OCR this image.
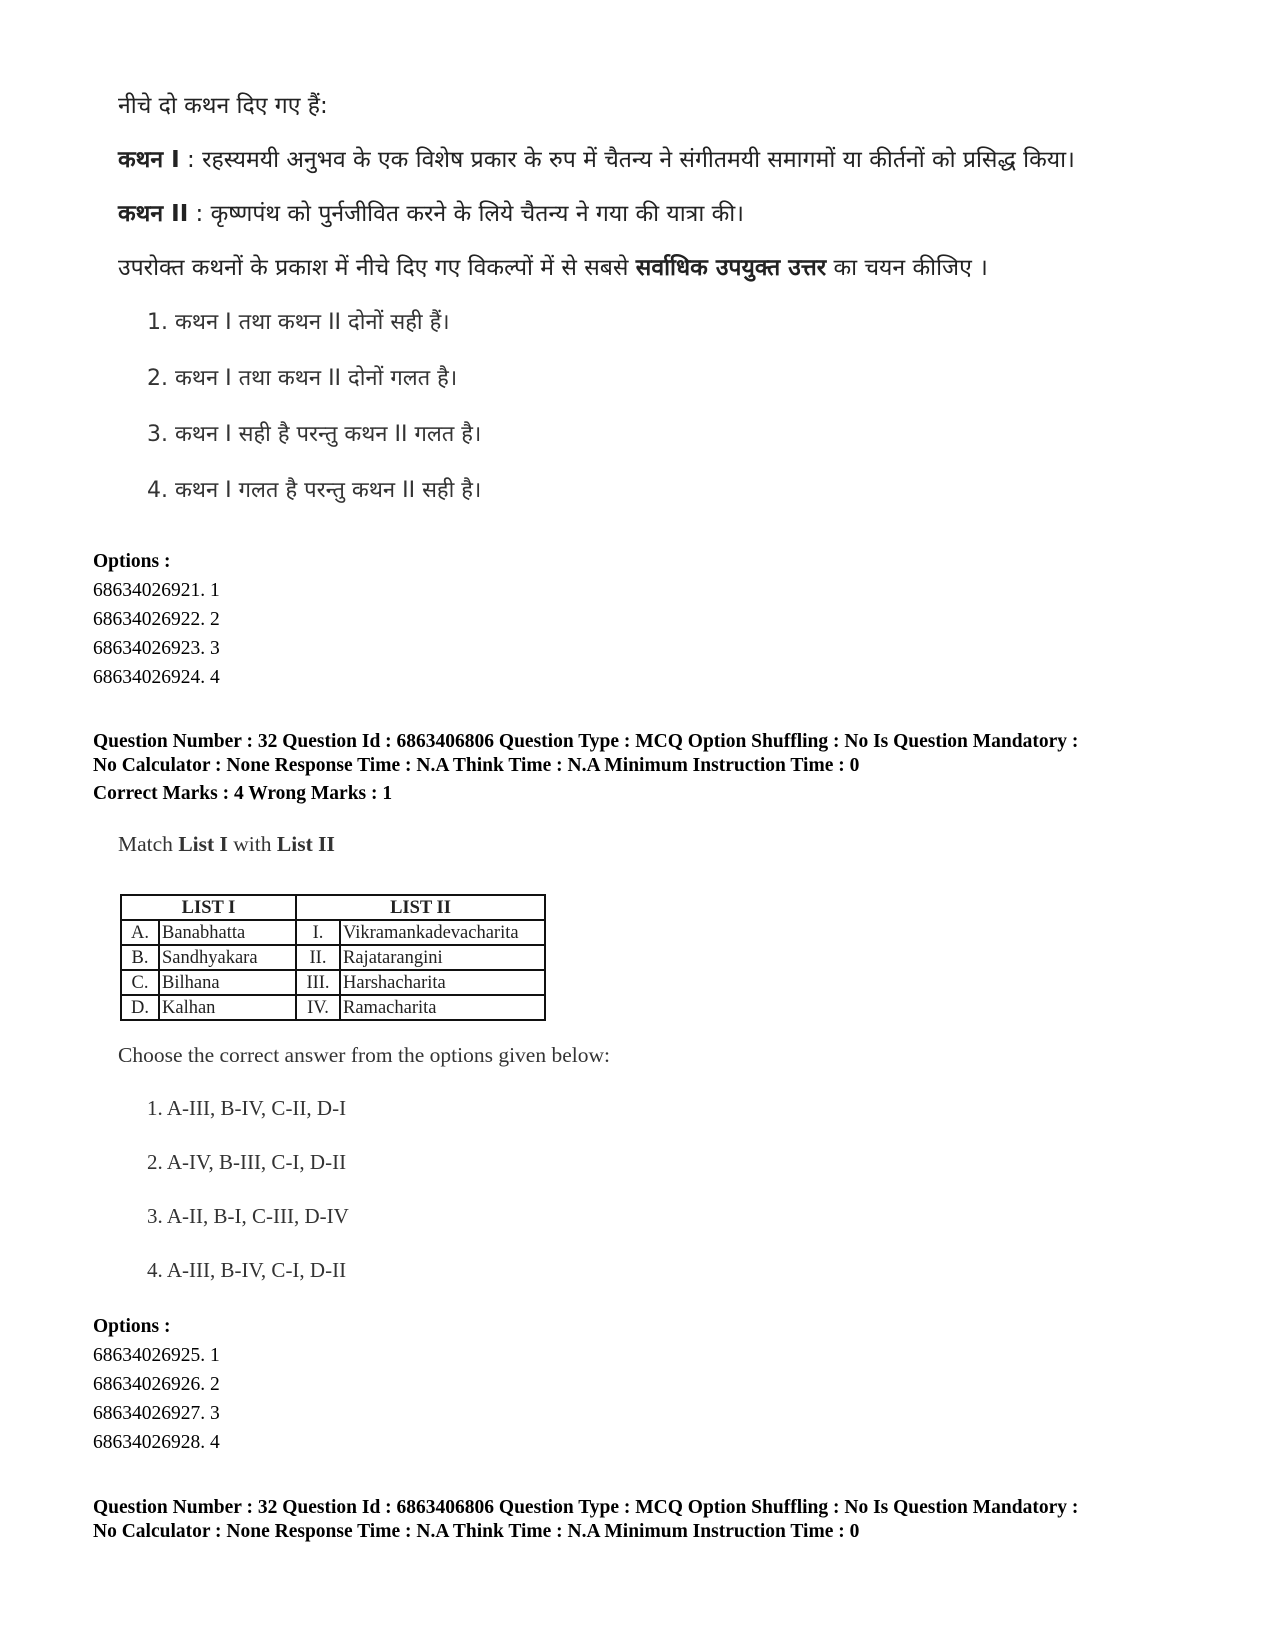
नीचे दो कथन दिए गए हैं:
कथन I : रहस्यमयी अनुभव के एक विशेष प्रकार के रुप में चैतन्य ने संगीतमयी समागमों या कीर्तनों को प्रसिद्ध किया।
कथन II : कृष्णपंथ को पुर्नजीवित करने के लिये चैतन्य ने गया की यात्रा की।
उपरोक्त कथनों के प्रकाश में नीचे दिए गए विकल्पों में से सबसे सर्वाधिक उपयुक्त उत्तर का चयन कीजिए ।
1. कथन I तथा कथन II दोनों सही हैं।
2. कथन I तथा कथन II दोनों गलत है।
3. कथन I सही है परन्तु कथन II गलत है।
4. कथन I गलत है परन्तु कथन II सही है।
Options :
68634026921. 1
68634026922. 2
68634026923. 3
68634026924. 4
Question Number : 32 Question Id : 6863406806 Question Type : MCQ Option Shuffling : No Is Question Mandatory :
No Calculator : None Response Time : N.A Think Time : N.A Minimum Instruction Time : 0
Correct Marks : 4 Wrong Marks : 1
Match List I with List II
LIST I		LIST II	
A.	Banabhatta	I.	Vikramankadevacharita
B.	Sandhyakara	II.	Rajatarangini
C.	Bilhana	III.	Harshacharita
D.	Kalhan	IV.	Ramacharita
Choose the correct answer from the options given below:
1. A-III, B-IV, C-II, D-I
2. A-IV, B-III, C-I, D-II
3. A-II, B-I, C-III, D-IV
4. A-III, B-IV, C-I, D-II
Options :
68634026925. 1
68634026926. 2
68634026927. 3
68634026928. 4
Question Number : 32 Question Id : 6863406806 Question Type : MCQ Option Shuffling : No Is Question Mandatory :
No Calculator : None Response Time : N.A Think Time : N.A Minimum Instruction Time : 0
